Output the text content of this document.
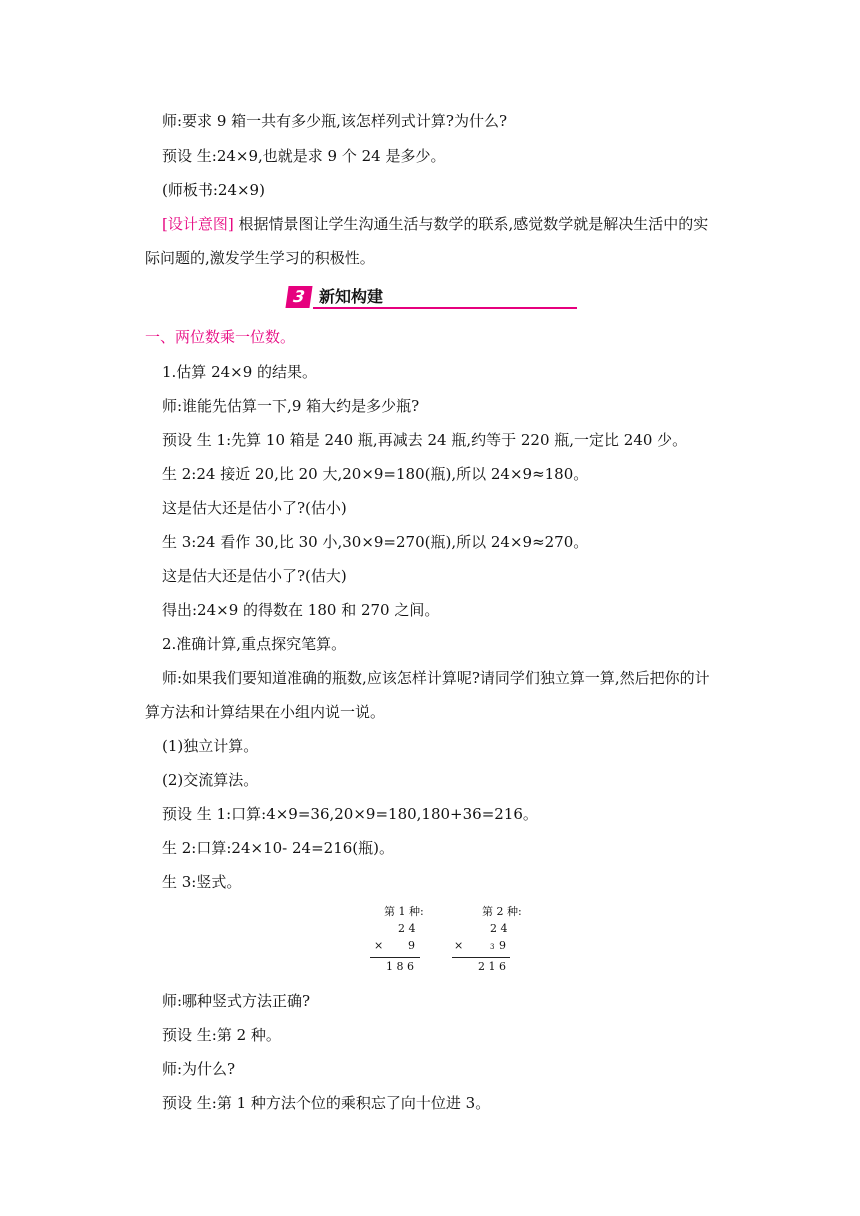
师:要求 9 箱一共有多少瓶,该怎样列式计算?为什么?
预设 生:24×9,也就是求 9 个 24 是多少。
(师板书:24×9)
[设计意图] 根据情景图让学生沟通生活与数学的联系,感觉数学就是解决生活中的实
际问题的,激发学生学习的积极性。
3 新知构建
一、两位数乘一位数。
1.估算 24×9 的结果。
师:谁能先估算一下,9 箱大约是多少瓶?
预设 生 1:先算 10 箱是 240 瓶,再减去 24 瓶,约等于 220 瓶,一定比 240 少。
生 2:24 接近 20,比 20 大,20×9=180(瓶),所以 24×9≈180。
这是估大还是估小了?(估小)
生 3:24 看作 30,比 30 小,30×9=270(瓶),所以 24×9≈270。
这是估大还是估小了?(估大)
得出:24×9 的得数在 180 和 270 之间。
2.准确计算,重点探究笔算。
师:如果我们要知道准确的瓶数,应该怎样计算呢?请同学们独立算一算,然后把你的计
算方法和计算结果在小组内说一说。
(1)独立计算。
(2)交流算法。
预设 生 1:口算:4×9=36,20×9=180,180+36=216。
生 2:口算:24×10- 24=216(瓶)。
生 3:竖式。
第 1 种:
2 4
× 9
1 8 6
第 2 种:
2 4
×	3 9
2 1 6
师:哪种竖式方法正确?
预设 生:第 2 种。
师:为什么?
预设 生:第 1 种方法个位的乘积忘了向十位进 3。
